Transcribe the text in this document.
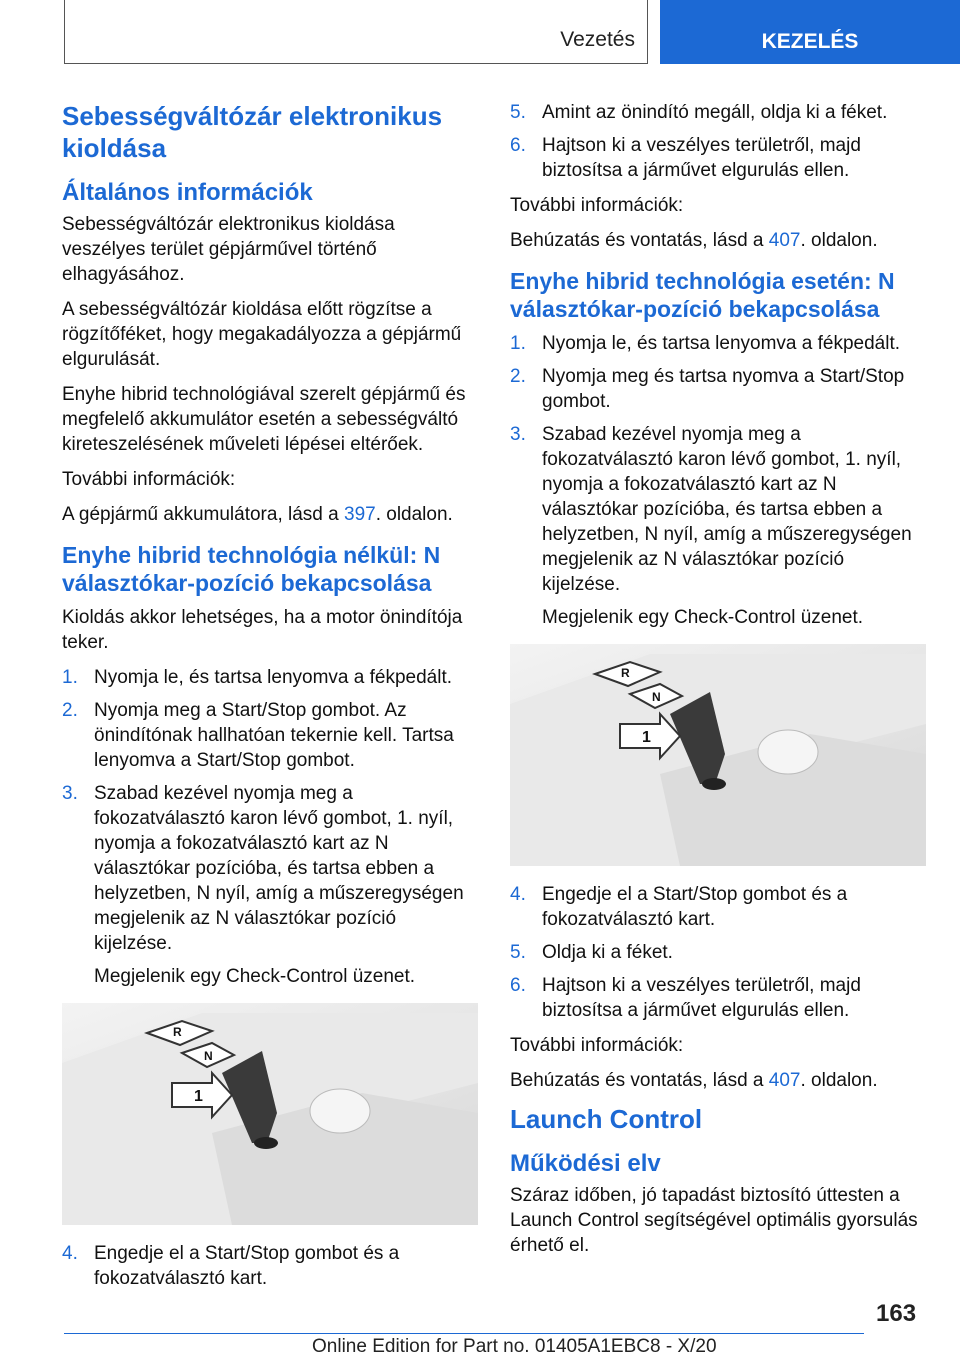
Vezetés	KEZELÉS
Sebességváltózár elektronikus kioldása
Általános információk

Sebességváltózár elektronikus kioldása veszélyes terület gépjárművel történő elhagyásához.

A sebességváltózár kioldása előtt rögzítse a rögzítőféket, hogy megakadályozza a gépjármű elgurulását.

Enyhe hibrid technológiával szerelt gépjármű és megfelelő akkumulátor esetén a sebességváltó kireteszelésének műveleti lépései eltérőek.

További információk:

A gépjármű akkumulátora, lásd a 397. oldalon.

Enyhe hibrid technológia nélkül: N választókar-pozíció bekapcsolása

Kioldás akkor lehetséges, ha a motor önindítója teker.

1. Nyomja le, és tartsa lenyomva a fékpedált.
2. Nyomja meg a Start/Stop gombot. Az önindítónak hallhatóan tekernie kell. Tartsa lenyomva a Start/Stop gombot.
3. Szabad kezével nyomja meg a fokozatválasztó karon lévő gombot, 1. nyíl, nyomja a fokozatválasztó kart az N választókar pozícióba, és tartsa ebben a helyzetben, N nyíl, amíg a műszeregységen megjelenik az N választókar pozíció kijelzése.
Megjelenik egy Check-Control üzenet.
R
N
1
4. Engedje el a Start/Stop gombot és a fokozatválasztó kart.
5. Amint az önindító megáll, oldja ki a féket.
6. Hajtson ki a veszélyes területről, majd biztosítsa a járművet elgurulás ellen.

További információk:

Behúzatás és vontatás, lásd a 407. oldalon.

Enyhe hibrid technológia esetén: N választókar-pozíció bekapcsolása
1. Nyomja le, és tartsa lenyomva a fékpedált.
2. Nyomja meg és tartsa nyomva a Start/Stop gombot.
3. Szabad kezével nyomja meg a fokozatválasztó karon lévő gombot, 1. nyíl, nyomja a fokozatválasztó kart az N választókar pozícióba, és tartsa ebben a helyzetben, N nyíl, amíg a műszeregységen megjelenik az N választókar pozíció kijelzése.
Megjelenik egy Check-Control üzenet.
R
N
1
4. Engedje el a Start/Stop gombot és a fokozatválasztó kart.
5. Oldja ki a féket.
6. Hajtson ki a veszélyes területről, majd biztosítsa a járművet elgurulás ellen.

További információk:

Behúzatás és vontatás, lásd a 407. oldalon.

Launch Control
Működési elv

Száraz időben, jó tapadást biztosító úttesten a Launch Control segítségével optimális gyorsulás érhető el.

163
Online Edition for Part no. 01405A1EBC8 - X/20
